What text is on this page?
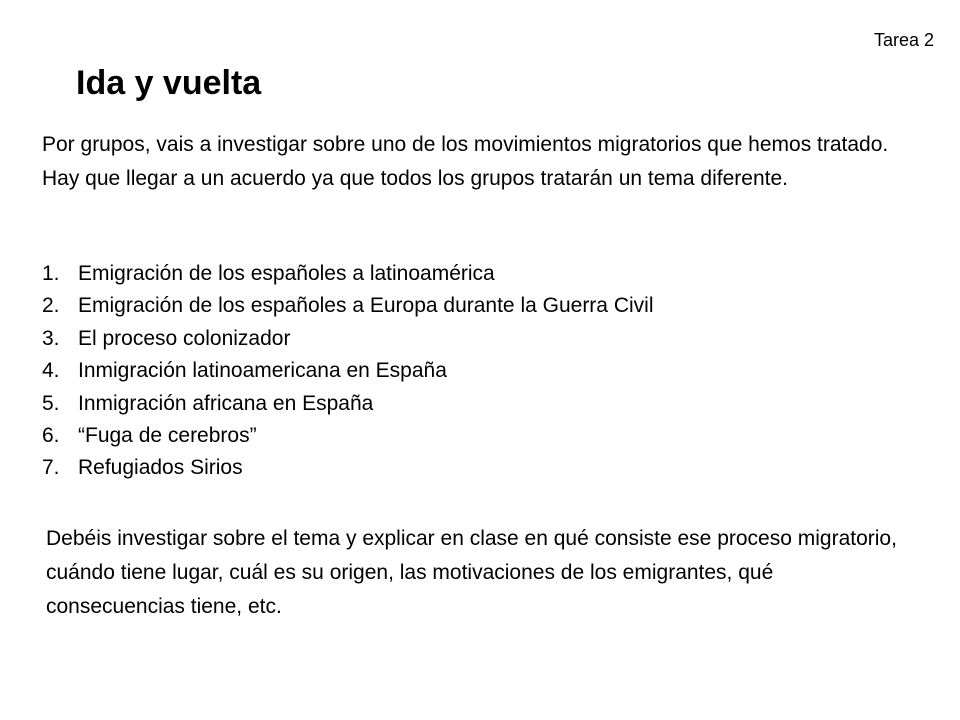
Tarea 2
Ida y vuelta

Por grupos, vais a investigar sobre uno de los movimientos migratorios que hemos tratado. Hay que llegar a un acuerdo ya que todos los grupos tratarán un tema diferente.

1. Emigración de los españoles a latinoamérica
2. Emigración de los españoles a Europa durante la Guerra Civil
3. El proceso colonizador
4. Inmigración latinoamericana en España
5. Inmigración africana en España
6. “Fuga de cerebros”
7. Refugiados Sirios

Debéis investigar sobre el tema y explicar en clase en qué consiste ese proceso migratorio, cuándo tiene lugar, cuál es su origen, las motivaciones de los emigrantes, qué consecuencias tiene, etc.
